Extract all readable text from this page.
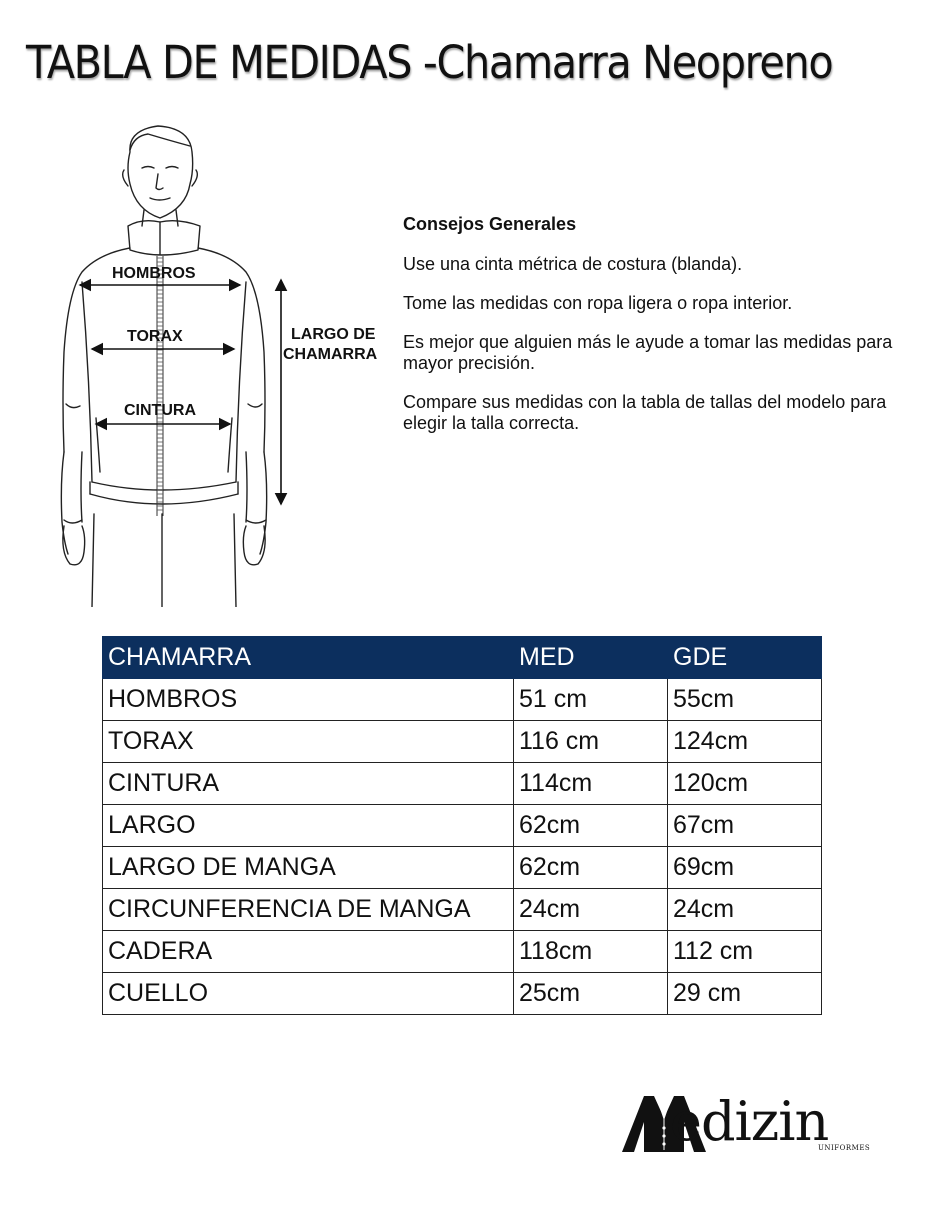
TABLA DE MEDIDAS -Chamarra Neopreno
HOMBROS
TORAX
CINTURA
LARGO DE
CHAMARRA
Consejos Generales

Use una cinta métrica de costura (blanda).

Tome las medidas con ropa ligera o ropa interior.

Es mejor que alguien más le ayude a tomar las medidas para mayor precisión.

Compare sus medidas con la tabla de tallas del modelo para elegir la talla correcta.

CHAMARRA	MED	GDE
HOMBROS	51 cm	55cm
TORAX	116 cm	124cm
CINTURA	114cm	120cm
LARGO	62cm	67cm
LARGO DE MANGA	62cm	69cm
CIRCUNFERENCIA DE MANGA	24cm	24cm
CADERA	118cm	112 cm
CUELLO	25cm	29 cm
edizin
UNIFORMES
